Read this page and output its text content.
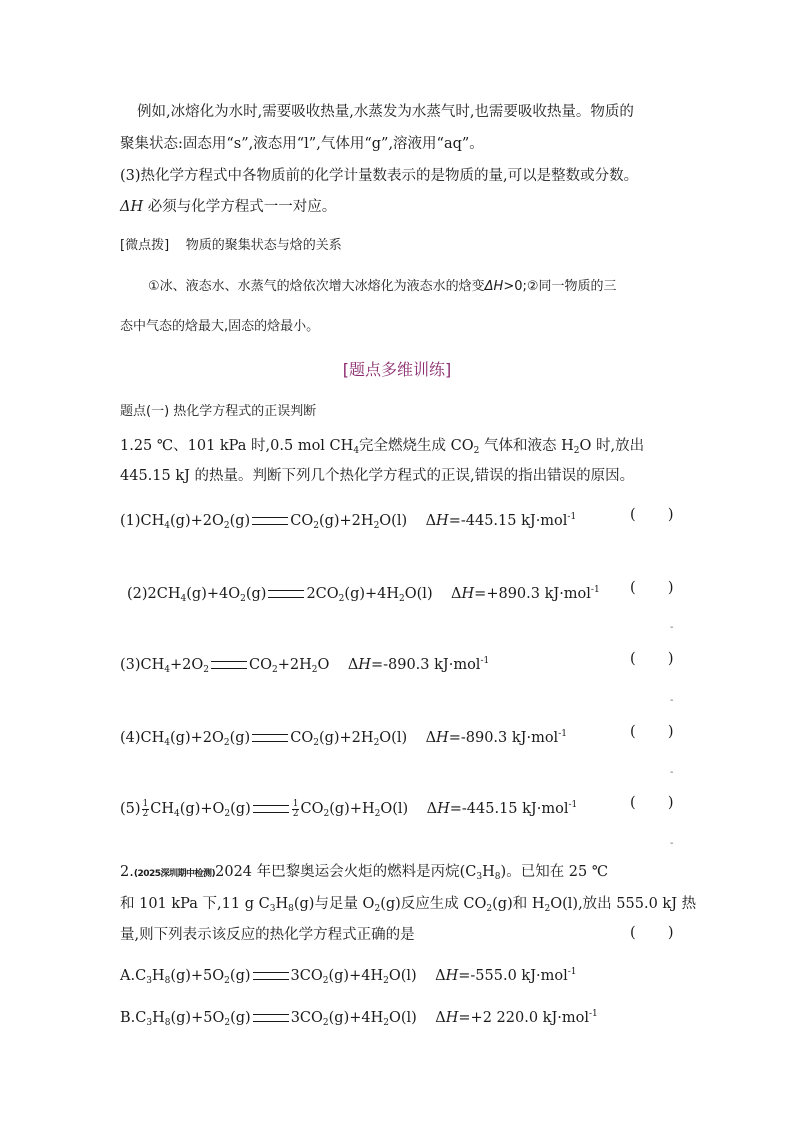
例如,冰熔化为水时,需要吸收热量,水蒸发为水蒸气时,也需要吸收热量。物质的
聚集状态:固态用“s”,液态用“l”,气体用“g”,溶液用“aq”。
(3)热化学方程式中各物质前的化学计量数表示的是物质的量,可以是整数或分数。
ΔH 必须与化学方程式一一对应。
[微点拨] 物质的聚集状态与焓的关系
①冰、液态水、水蒸气的焓依次增大冰熔化为液态水的焓变ΔH>0;②同一物质的三
态中气态的焓最大,固态的焓最小。
[题点多维训练]
题点(一) 热化学方程式的正误判断
1.25 ℃、101 kPa 时,0.5 mol $CH_4$完全燃烧生成 $CO_2$ 气体和液态 $H_2O$ 时,放出
445.15 kJ 的热量。判断下列几个热化学方程式的正误,错误的指出错误的原因。
$(1)CH_4(g)+2O_2(g)$	$CO_2(g)+2H_2O(l)$    ΔH=-445.15 kJ·mol$^{-1}$	(       )
$(2)2CH_4(g)+4O_2(g)$	$2CO_2(g)+4H_2O(l)$    ΔH=+890.3 kJ·mol$^{-1}$ (       )
-
$(3)CH_4+2O_2$	$CO_2+2H_2O$    ΔH=-890.3 kJ·mol$^{-1}$	(       )
-
$(4)CH_4(g)+2O_2(g)$	$CO_2(g)+2H_2O(l)$    ΔH=-890.3 kJ·mol$^{-1}$	(       )
-
$(5) \frac{1}{2} CH_4(g)+O_2(g)$	$\frac{1}{2} CO_2(g)+H_2O(l)$    ΔH=-445.15 kJ·mol$^{-1}$	(       )
-
2.(2025深圳期中检测)2024 年巴黎奥运会火炬的燃料是丙烷$(C_3H_8)$。已知在 25 ℃
和 101 kPa 下,11 g $C_3H_8(g)$与足量 $O_2(g)$反应生成 $CO_2(g)$和 $H_2O(l)$,放出 555.0 kJ 热
量,则下列表示该反应的热化学方程式正确的是	(       )
$A.C_3H_8(g)+5O_2(g)$	$3CO_2(g)+4H_2O(l)$    ΔH=-555.0 kJ·mol$^{-1}$
$B.C_3H_8(g)+5O_2(g)$	$3CO_2(g)+4H_2O(l)$    ΔH=+2 220.0 kJ·mol$^{-1}$
